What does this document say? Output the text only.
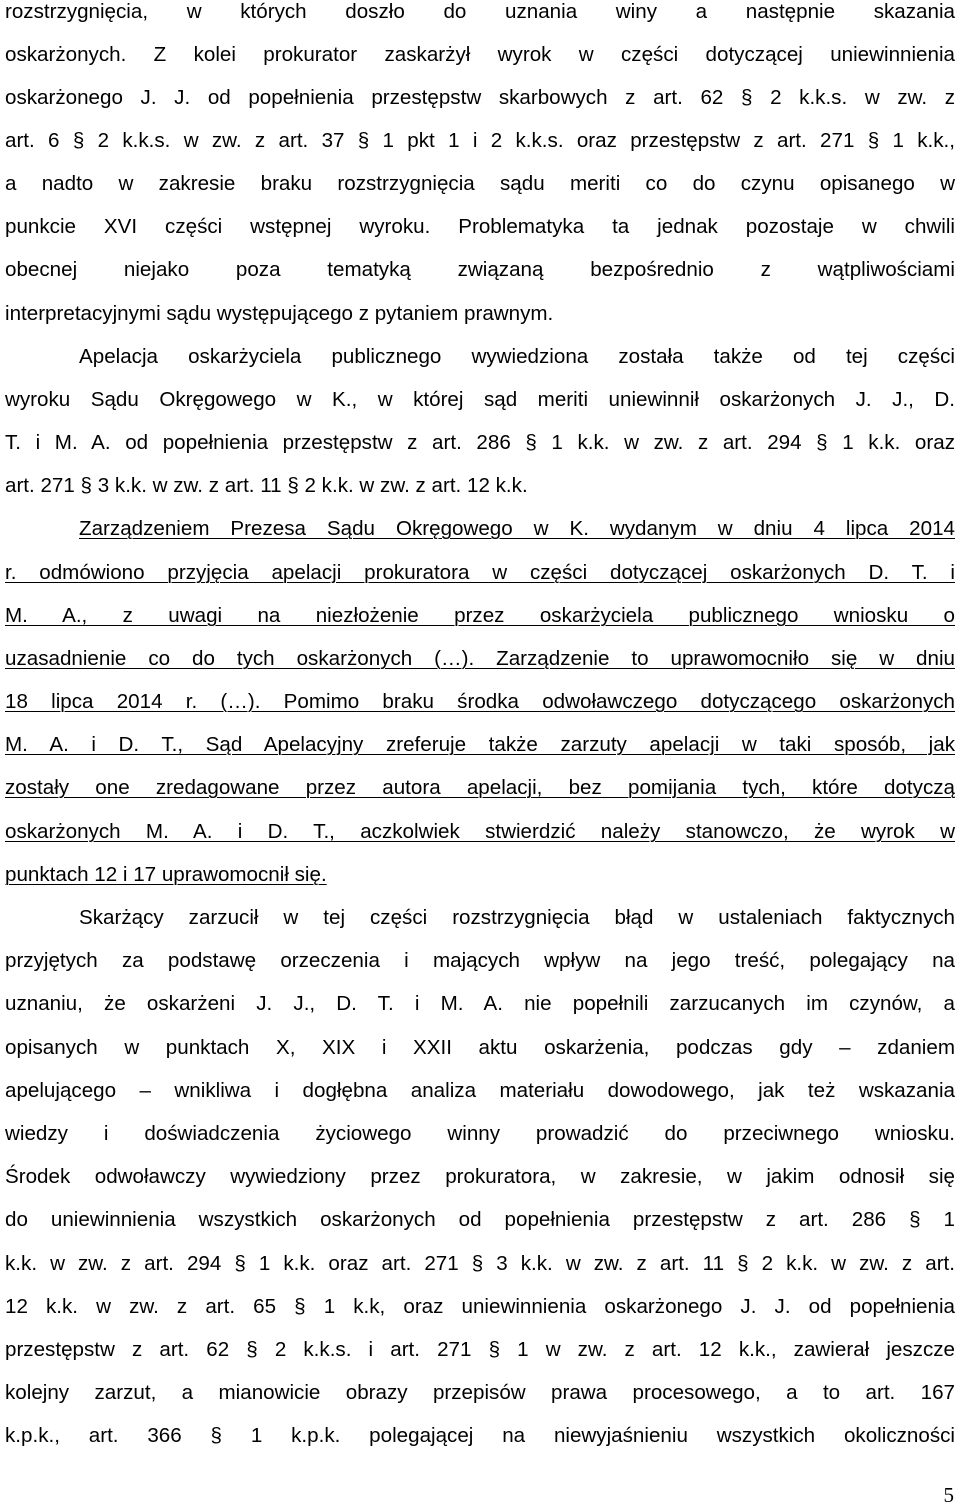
rozstrzygnięcia, w których doszło do uznania winy a następnie skazania
oskarżonych. Z kolei prokurator zaskarżył wyrok w części dotyczącej uniewinnienia
oskarżonego J. J. od popełnienia przestępstw skarbowych z art. 62 § 2 k.k.s. w zw. z
art. 6 § 2 k.k.s. w zw. z art. 37 § 1 pkt 1 i 2 k.k.s. oraz przestępstw z art. 271 § 1 k.k.,
a nadto w zakresie braku rozstrzygnięcia sądu meriti co do czynu opisanego w
punkcie XVI części wstępnej wyroku. Problematyka ta jednak pozostaje w chwili
obecnej niejako poza tematyką związaną bezpośrednio z wątpliwościami
interpretacyjnymi sądu występującego z pytaniem prawnym.
Apelacja oskarżyciela publicznego wywiedziona została także od tej części
wyroku Sądu Okręgowego w K., w której sąd meriti uniewinnił oskarżonych J. J., D.
T. i M. A. od popełnienia przestępstw z art. 286 § 1 k.k. w zw. z art. 294 § 1 k.k. oraz
art. 271 § 3 k.k. w zw. z art. 11 § 2 k.k. w zw. z art. 12 k.k.
Zarządzeniem Prezesa Sądu Okręgowego w K. wydanym w dniu 4 lipca 2014
r. odmówiono przyjęcia apelacji prokuratora w części dotyczącej oskarżonych D. T. i
M. A., z uwagi na niezłożenie przez oskarżyciela publicznego wniosku o
uzasadnienie co do tych oskarżonych (…). Zarządzenie to uprawomocniło się w dniu
18 lipca 2014 r. (…). Pomimo braku środka odwoławczego dotyczącego oskarżonych
M. A. i D. T., Sąd Apelacyjny zreferuje także zarzuty apelacji w taki sposób, jak
zostały one zredagowane przez autora apelacji, bez pomijania tych, które dotyczą
oskarżonych M. A. i D. T., aczkolwiek stwierdzić należy stanowczo, że wyrok w
punktach 12 i 17 uprawomocnił się.
Skarżący zarzucił w tej części rozstrzygnięcia błąd w ustaleniach faktycznych
przyjętych za podstawę orzeczenia i mających wpływ na jego treść, polegający na
uznaniu, że oskarżeni J. J., D. T. i M. A. nie popełnili zarzucanych im czynów, a
opisanych w punktach X, XIX i XXII aktu oskarżenia, podczas gdy – zdaniem
apelującego – wnikliwa i dogłębna analiza materiału dowodowego, jak też wskazania
wiedzy i doświadczenia życiowego winny prowadzić do przeciwnego wniosku.
Środek odwoławczy wywiedziony przez prokuratora, w zakresie, w jakim odnosił się
do uniewinnienia wszystkich oskarżonych od popełnienia przestępstw z art. 286 § 1
k.k. w zw. z art. 294 § 1 k.k. oraz art. 271 § 3 k.k. w zw. z art. 11 § 2 k.k. w zw. z art.
12 k.k. w zw. z art. 65 § 1 k.k, oraz uniewinnienia oskarżonego J. J. od popełnienia
przestępstw z art. 62 § 2 k.k.s. i art. 271 § 1 w zw. z art. 12 k.k., zawierał jeszcze
kolejny zarzut, a mianowicie obrazy przepisów prawa procesowego, a to art. 167
k.p.k., art. 366 § 1 k.p.k. polegającej na niewyjaśnieniu wszystkich okoliczności
5
